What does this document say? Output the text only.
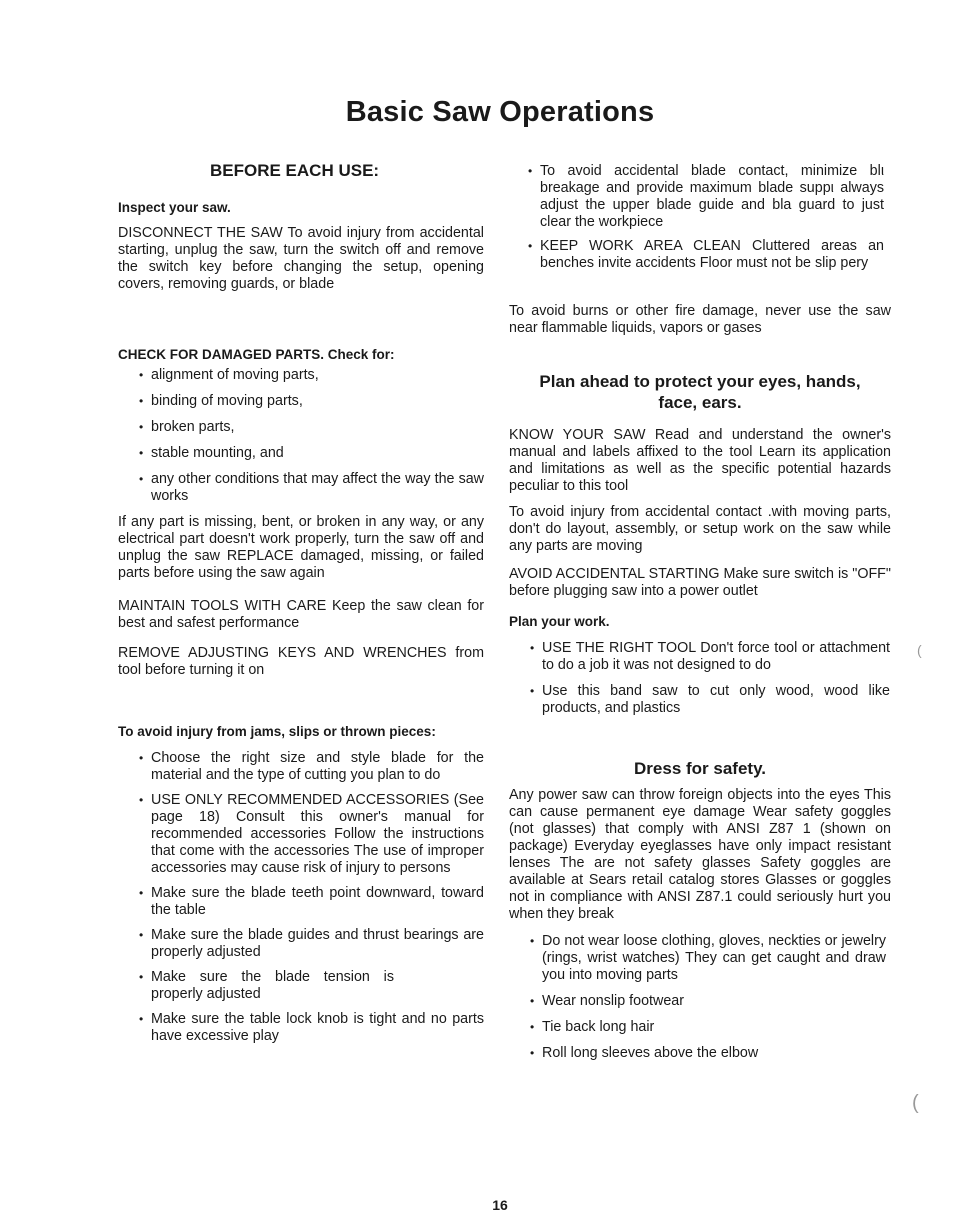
Basic Saw Operations
BEFORE EACH USE:
Inspect your saw.
DISCONNECT THE SAW To avoid injury from accidental starting, unplug the saw, turn the switch off and remove the switch key before changing the setup, opening covers, removing guards, or blade
CHECK FOR DAMAGED PARTS. Check for:
• alignment of moving parts,
• binding of moving parts,
• broken parts,
• stable mounting, and
• any other conditions that may affect the way the saw works
If any part is missing, bent, or broken in any way, or any electrical part doesn't work properly, turn the saw off and unplug the saw REPLACE damaged, missing, or failed parts before using the saw again
MAINTAIN TOOLS WITH CARE Keep the saw clean for best and safest performance
REMOVE ADJUSTING KEYS AND WRENCHES from tool before turning it on
To avoid injury from jams, slips or thrown pieces:
• Choose the right size and style blade for the material and the type of cutting you plan to do
• USE ONLY RECOMMENDED ACCESSORIES (See page 18) Consult this owner's manual for recommended accessories Follow the instructions that come with the accessories The use of improper accessories may cause risk of injury to persons
• Make sure the blade teeth point downward, toward the table
• Make sure the blade guides and thrust bearings are properly adjusted
• Make sure the blade tension is properly adjusted
• Make sure the table lock knob is tight and no parts have excessive play
• To avoid accidental blade contact, minimize blι breakage and provide maximum blade suppι always adjust the upper blade guide and bla guard to just clear the workpiece
• KEEP WORK AREA CLEAN Cluttered areas an benches invite accidents Floor must not be slip pery
To avoid burns or other fire damage, never use the saw near flammable liquids, vapors or gases
Plan ahead to protect your eyes, hands,
face, ears.
KNOW YOUR SAW Read and understand the owner's manual and labels affixed to the tool Learn its application and limitations as well as the specific potential hazards peculiar to this tool
To avoid injury from accidental contact .with moving parts, don't do layout, assembly, or setup work on the saw while any parts are moving
AVOID ACCIDENTAL STARTING Make sure switch is "OFF" before plugging saw into a power outlet
Plan your work.
• USE THE RIGHT TOOL Don't force tool or attachment to do a job it was not designed to do
• Use this band saw to cut only wood, wood like products, and plastics
Dress for safety.
Any power saw can throw foreign objects into the eyes This can cause permanent eye damage Wear safety goggles (not glasses) that comply with ANSI Z87 1 (shown on package) Everyday eyeglasses have only impact resistant lenses The are not safety glasses Safety goggles are available at Sears retail catalog stores Glasses or goggles not in compliance with ANSI Z87.1 could seriously hurt you when they break
• Do not wear loose clothing, gloves, neckties or jewelry (rings, wrist watches) They can get caught and draw you into moving parts
• Wear nonslip footwear
• Tie back long hair
• Roll long sleeves above the elbow
(
(
16
